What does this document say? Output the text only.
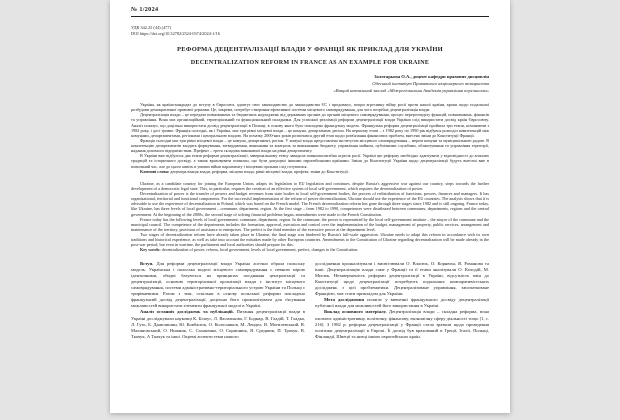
№ 1/2024
УДК 342.25 (44) (477)
DOI https://doi.org/10.32782/2524-0374/2024-1/16
РЕФОРМА ДЕЦЕНТРАЛІЗАЦІЇ ВЛАДИ У ФРАНЦІЇ ЯК ПРИКЛАД ДЛЯ УКРАЇНИ
DECENTRALIZATION REFORM IN FRANCE AS AN EXAMPLE FOR UKRAINE
Золотарьова О.А., доцент кафедри правових дисциплін
Одеський інститут Приватного акціонерного товариства
«Вищий навчальний заклад «Міжрегіональна Академія управління персоналом»

Україна, як країна-кандидат до вступу в Євросоюз, адаптує своє законодавство до законодавства ЄС і продовжує, попри агресивну війну росії проти нашої країни, кроки щодо подальшої розбудови демократичної правової держави. Це, зокрема, потребує створення ефективної системи місцевого самоврядування, для чого потрібна децентралізація влади.

Децентралізація влади – це передача повноважень та бюджетних надходжень від державних органів до органів місцевого самоврядування, процес перерозподілу функцій, повноважень, фінансів та управління. Вона має організаційний, територіальний та функціональний складники. Для успішної реалізації реформи децентралізації влади України слід використати досвід країн Євросоюзу. Аналіз показує, що доцільно використати досвід децентралізації в Польщі, в основу якого було покладено французьку модель. Французька реформа децентралізації пройшла три етапи, починаючи з 1982 року, і досі триває. Франція сьогодні, як і Україна, має три рівні місцевої влади – це комуна, департамент, регіон. На першому етапі – з 1982 року по 1990 рік відбувся розподіл компетенцій між комунами, департаментами, регіонами і центральною владою. На початку 2000-них років розпочався другий етап щодо розв'язання фінансових проблем, внесено зміни до Конституції Франції.

Франція сьогодні має три рівні місцевої влади – це комуна, департамент, регіон. У комуні влада представлена інститутом місцевого самоврядування – мером комуни та муніципальною радою. В компетенцію департаментів входить формування, затвердження, виконання та контроль за виконанням бюджету, управління майном, публічними службами, облаштування та управління території, надання допомоги підприємствам. Префект – третя складова виконавчої влади на рівні департаменту.

В Україні вже відбулося два етапи реформи децентралізації, завершальному етапу завадила повномасштабна агресія росії. Україні цю реформу необхідно адаптувати у відповідності до власних традицій та історичного досвіду, а також враховувати помилки, що були допущені іншими європейськими країнами. Зміни до Конституції України щодо децентралізації будуть внесені вже в повоєнний час, але до цього навіть в умовах війни парламенту і місцевим органам слід готуватися.

Ключові слова: децентралізація влади, реформа, місцева влада, рівні місцевої влади, префект, зміни до Конституції.

Ukraine, as a candidate country for joining the European Union, adapts its legislation to EU legislation and continues, despite Russia's aggressive war against our country, steps towards the further development of a democratic legal state. This, in particular, requires the creation of an effective system of local self-government, which requires the decentralization of power.

Decentralization of power is the transfer of powers and budget revenues from state bodies to local self-government bodies, the process of redistribution of functions, powers, finances and managers. It has organizational, territorial and functional components. For the successful implementation of the reform of power decentralization, Ukraine should use the experience of the EU countries. The analysis shows that it is advisable to use the experience of decentralization in Poland, which was based on the French model. The French decentralization reform has gone through three stages since 1982 and is still ongoing. France today, like Ukraine, has three levels of local government – commune, department, region. At the first stage – from 1982 to 1990, competences were distributed between communes, departments, regions and the central government. At the beginning of the 2000s, the second stage of solving financial problems began, amendments were made to the French Constitution.

France today has the following levels of local government: commune, department, region. In the commune, the power is represented by the local self-government institute – the mayor of the commune and the municipal council. The competence of the departments includes the formation, approval, execution and control over the implementation of the budget, management of property, public services, arrangement and maintenance of the territory, provision of assistance to enterprises. The prefect is the third member of the executive power at the department level.

Two stages of decentralization reform have already taken place in Ukraine, the final stage was hindered by Russia's full-scale aggression. Ukraine needs to adapt this reform in accordance with its own traditions and historical experience, as well as take into account the mistakes made by other European countries. Amendments to the Constitution of Ukraine regarding decentralization will be made already in the post-war period, but even in wartime, the parliament and local authorities should prepare for this.

Key words: decentralization of power, reform, local government, levels of local government, prefect, changes to the Constitution.

Вступ. Для реформи децентралізації влади Україна логічно обрала польську модель. Українська і польська моделі місцевого самоврядування є певною мірою ідентичними, обидві базуються на принципах поєднання централізації та децентралізації, основою територіальної організації влади є інститут місцевого самоврядування, системи адміністративно-територіального устрою України та Польщі є трирівневими. Разом з тим, оскільки в основу польської реформи покладено французький досвід децентралізації, доцільно його проаналізувати для з'ясування можливостей використати елементи французької моделі в Україні.

Аналіз останніх досліджень та публікацій. Питання децентралізації влади в Україні досліджували науковці К. Білоус, Л. Василькова, Г. Боднар, В. Гладій, Т. Гладка, Л. Гузь, Б. Данилишин, Ю. Ковбасюк, О. Колосников, М. Лендел, В. Мотилевський, В. Малиновський, О. Нижник, С. Саханенко, О. Скрипнюк, Я. Среднюк, П. Трачук, В. Ткачук, А Ткачук та інші. Окремі аспекти теми нашого

дослідження проаналізували і висвітлювали О. Власюк, О. Корнюха, В. Романова та інші. Децентралізацію влади саме у Франції та її етапи аналізували О. Колодій, М. Мисюк. Незавершеність реформи децентралізації в Україні, відсутність змін до Конституції щодо децентралізації потребують подальших компаративістських досліджень з цієї проблематики. Децентралізоване управління, започатковане Францією, має стати прикладом для України.

Мета дослідження полягає у вивченні французького досвіду децентралізації публічної влади для можливостей його використання в Україні.

Виклад основного матеріалу. Децентралізація влади – складна реформа, вона охоплює адміністративну, політичну, фінансову, економічну сферу діяльності тощо [1, с. 216]. З 1982 р. реформа децентралізації у Франції стала зразком щодо проведення політики децентралізації в Європі. Її досвід був врахований в Греції, Італії, Польщі, Фінляндії, Швеції та низці інших європейських країн.
